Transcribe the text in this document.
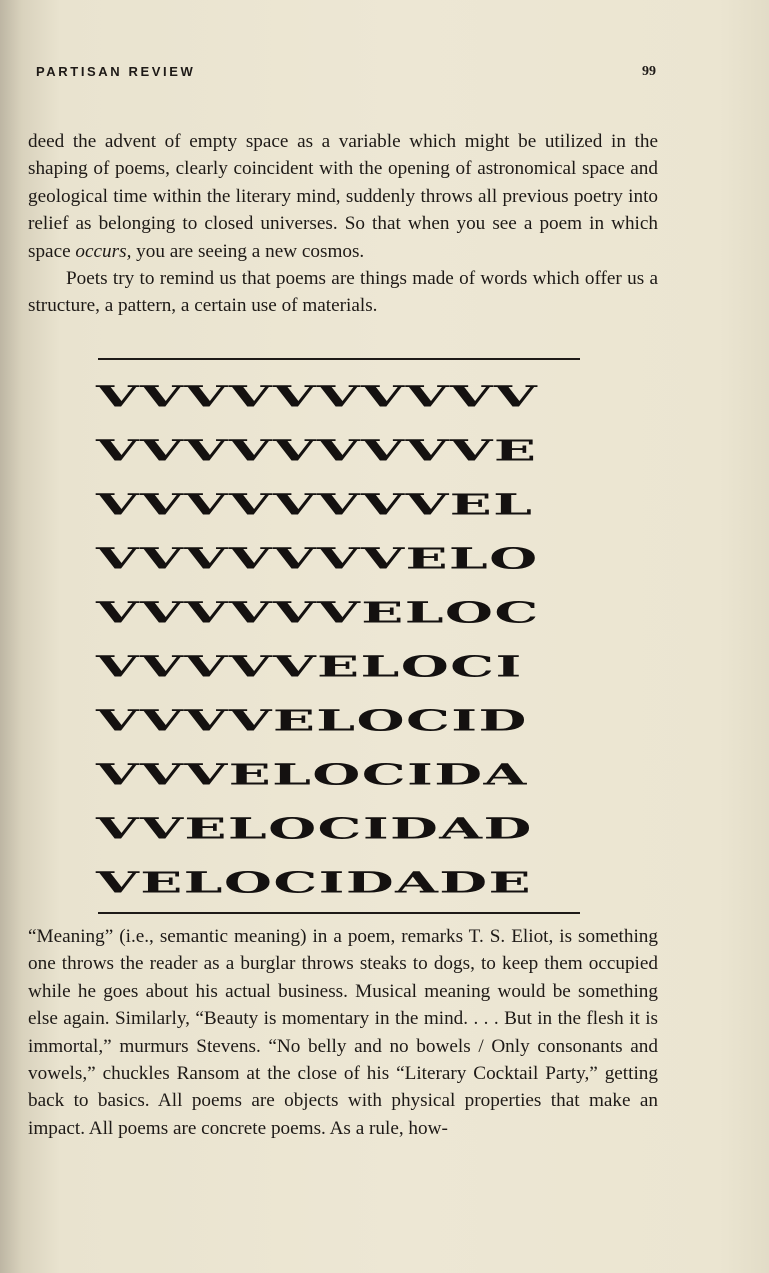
PARTISAN REVIEW	99

deed the advent of empty space as a variable which might be utilized in the shaping of poems, clearly coincident with the opening of astronomical space and geological time within the literary mind, suddenly throws all previous poetry into relief as belonging to closed universes. So that when you see a poem in which space occurs, you are seeing a new cosmos.

Poets try to remind us that poems are things made of words which offer us a structure, a pattern, a certain use of materials.

VVVVVVVVVV
VVVVVVVVVE
VVVVVVVVEL
VVVVVVVELO
VVVVVVELOC
VVVVVELOCI
VVVVELOCID
VVVELOCIDA
VVELOCIDAD
VELOCIDADE

“Meaning” (i.e., semantic meaning) in a poem, remarks T. S. Eliot, is something one throws the reader as a burglar throws steaks to dogs, to keep them occupied while he goes about his actual business. Musical meaning would be something else again. Similarly, “Beauty is momentary in the mind. . . . But in the flesh it is immortal,” murmurs Stevens. “No belly and no bowels / Only consonants and vowels,” chuckles Ransom at the close of his “Literary Cocktail Party,” getting back to basics. All poems are objects with physical properties that make an impact. All poems are concrete poems. As a rule, how-
